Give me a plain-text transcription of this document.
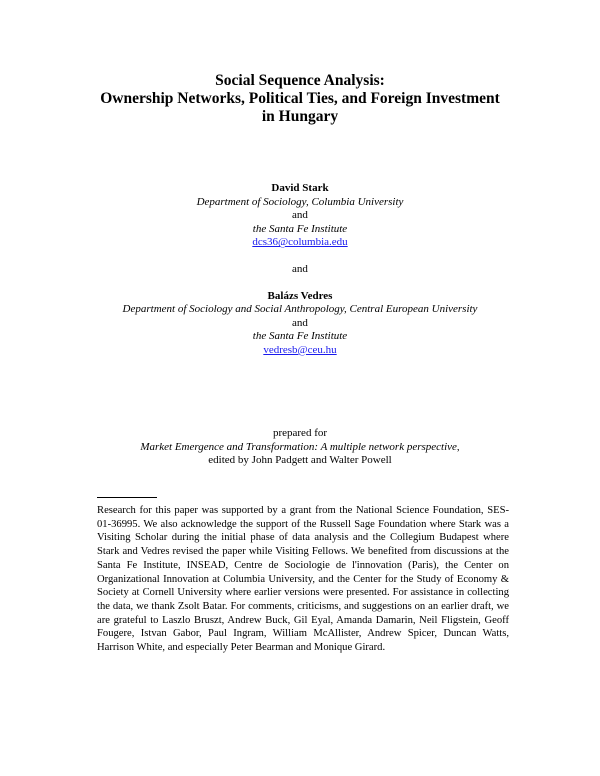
Social Sequence Analysis:
Ownership Networks, Political Ties, and Foreign Investment
in Hungary
David Stark
Department of Sociology, Columbia University
and
the Santa Fe Institute
dcs36@columbia.edu
and
Balázs Vedres
Department of Sociology and Social Anthropology, Central European University
and
the Santa Fe Institute
vedresb@ceu.hu
prepared for
Market Emergence and Transformation: A multiple network perspective,
edited by John Padgett and Walter Powell
Research for this paper was supported by a grant from the National Science Foundation, SES-01-36995. We also acknowledge the support of the Russell Sage Foundation where Stark was a Visiting Scholar during the initial phase of data analysis and the Collegium Budapest where Stark and Vedres revised the paper while Visiting Fellows. We benefited from discussions at the Santa Fe Institute, INSEAD, Centre de Sociologie de l'innovation (Paris), the Center on Organizational Innovation at Columbia University, and the Center for the Study of Economy & Society at Cornell University where earlier versions were presented. For assistance in collecting the data, we thank Zsolt Batar. For comments, criticisms, and suggestions on an earlier draft, we are grateful to Laszlo Bruszt, Andrew Buck, Gil Eyal, Amanda Damarin, Neil Fligstein, Geoff Fougere, Istvan Gabor, Paul Ingram, William McAllister, Andrew Spicer, Duncan Watts, Harrison White, and especially Peter Bearman and Monique Girard.
